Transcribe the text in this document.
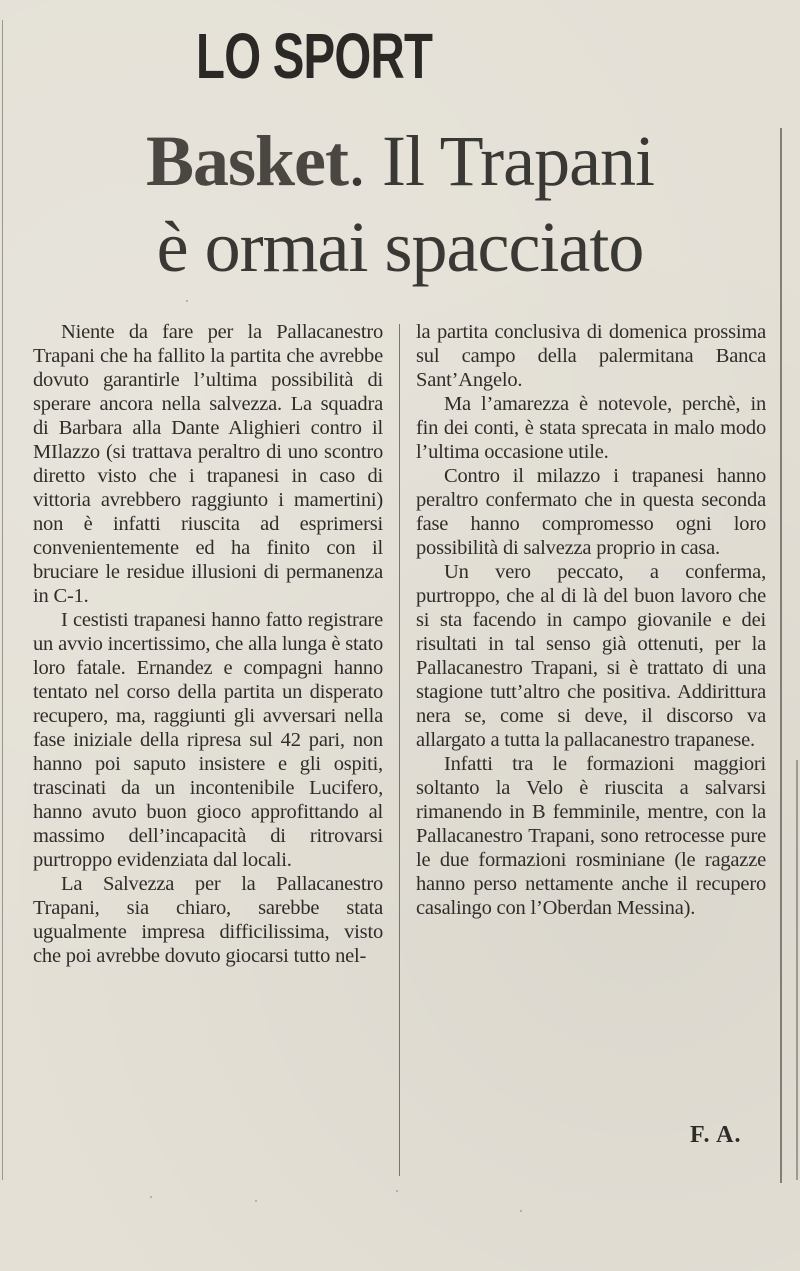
LO SPORT
Basket. Il Trapani
è ormai spacciato

Niente da fare per la Pallacanestro Trapani che ha fallito la partita che avrebbe dovuto garantirle l’ultima possibilità di sperare ancora nella salvezza. La squadra di Barbara alla Dante Alighieri contro il MIlazzo (si trattava peraltro di uno scontro diretto visto che i trapanesi in caso di vittoria avrebbero raggiunto i mamertini) non è infatti riuscita ad esprimersi convenientemente ed ha finito con il bruciare le residue illusioni di permanenza in C-1.

I cestisti trapanesi hanno fatto registrare un avvio incertissimo, che alla lunga è stato loro fatale. Ernandez e compagni hanno tentato nel corso della partita un disperato recupero, ma, raggiunti gli avversari nella fase iniziale della ripresa sul 42 pari, non hanno poi saputo insistere e gli ospiti, trascinati da un incontenibile Lucifero, hanno avuto buon gioco approfittando al massimo dell’incapacità di ritrovarsi purtroppo evidenziata dal locali.

La Salvezza per la Pallacanestro Trapani, sia chiaro, sarebbe stata ugualmente impresa difficilissima, visto che poi avrebbe dovuto giocarsi tutto nel-

la partita conclusiva di domenica prossima sul campo della palermitana Banca Sant’Angelo.

Ma l’amarezza è notevole, perchè, in fin dei conti, è stata sprecata in malo modo l’ultima occasione utile.

Contro il milazzo i trapanesi hanno peraltro confermato che in questa seconda fase hanno compromesso ogni loro possibilità di salvezza proprio in casa.

Un vero peccato, a conferma, purtroppo, che al di là del buon lavoro che si sta facendo in campo giovanile e dei risultati in tal senso già ottenuti, per la Pallacanestro Trapani, si è trattato di una stagione tutt’altro che positiva. Addirittura nera se, come si deve, il discorso va allargato a tutta la pallacanestro trapanese.

Infatti tra le formazioni maggiori soltanto la Velo è riuscita a salvarsi rimanendo in B femminile, mentre, con la Pallacanestro Trapani, sono retrocesse pure le due formazioni rosminiane (le ragazze hanno perso nettamente anche il recupero casalingo con l’Oberdan Messina).

F. A.
